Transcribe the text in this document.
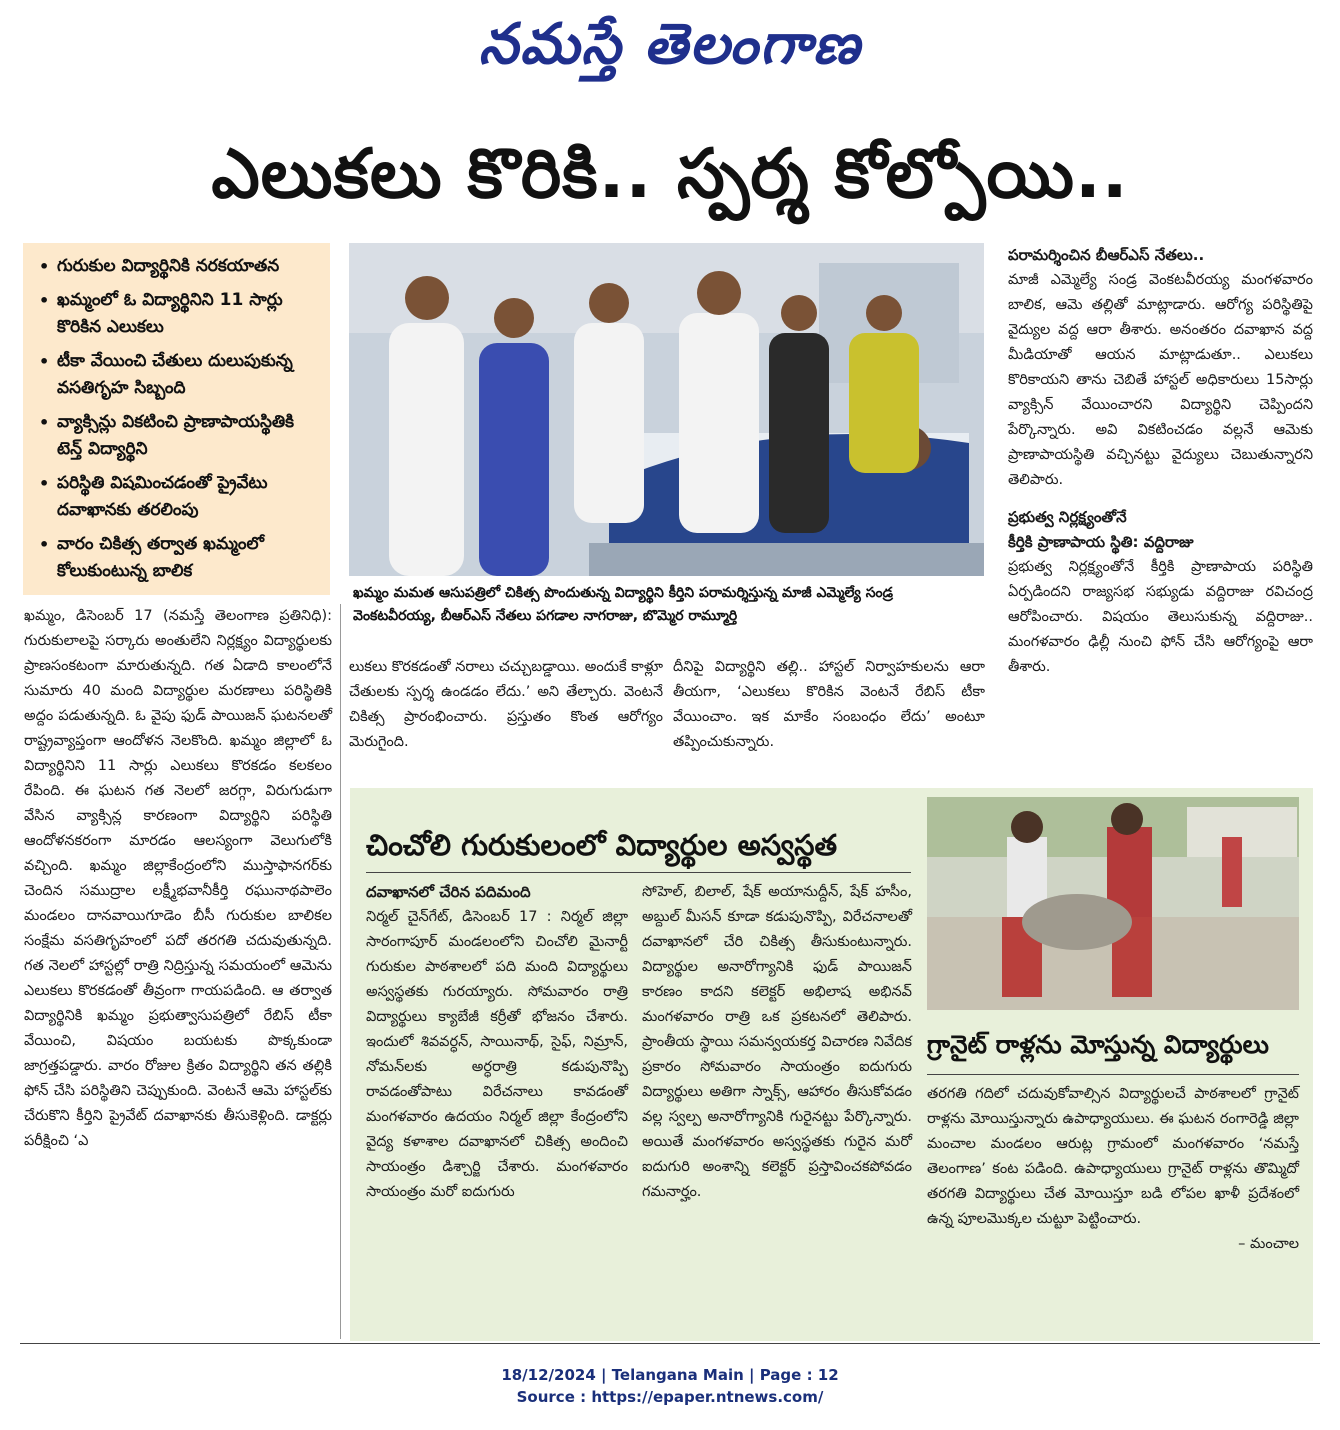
నమస్తే తెలంగాణ
ఎలుకలు కొరికి.. స్పర్శ కోల్పోయి..
• గురుకుల విద్యార్థినికి నరకయాతన
• ఖమ్మంలో ఓ విద్యార్థినిని 11 సార్లు కొరికిన ఎలుకలు
• టీకా వేయించి చేతులు దులుపుకున్న వసతిగృహ సిబ్బంది
• వ్యాక్సిన్లు వికటించి ప్రాణాపాయస్థితికి టెన్త్ విద్యార్థిని
• పరిస్థితి విషమించడంతో ప్రైవేటు దవాఖానకు తరలింపు
• వారం చికిత్స తర్వాత ఖమ్మంలో కోలుకుంటున్న బాలిక
ఖమ్మం మమత ఆసుపత్రిలో చికిత్స పొందుతున్న విద్యార్థిని కీర్తిని పరామర్శిస్తున్న మాజీ ఎమ్మెల్యే సండ్ర వెంకటవీరయ్య, బీఆర్‌ఎస్ నేతలు పగడాల నాగరాజు, బొమ్మెర రామ్మూర్తి

ఖమ్మం, డిసెంబర్ 17 (నమస్తే తెలంగాణ ప్రతినిధి): గురుకులాలపై సర్కారు అంతులేని నిర్లక్ష్యం విద్యార్థులకు ప్రాణసంకటంగా మారుతున్నది. గత ఏడాది కాలంలోనే సుమారు 40 మంది విద్యార్థుల మరణాలు పరిస్థితికి అద్దం పడుతున్నది. ఓ వైపు ఫుడ్ పాయిజన్ ఘటనలతో రాష్ట్రవ్యాప్తంగా ఆందోళన నెలకొంది. ఖమ్మం జిల్లాలో ఓ విద్యార్థినిని 11 సార్లు ఎలుకలు కొరకడం కలకలం రేపింది. ఈ ఘటన గత నెలలో జరగ్గా, విరుగుడుగా వేసిన వ్యాక్సిన్ల కారణంగా విద్యార్థిని పరిస్థితి ఆందోళనకరంగా మారడం ఆలస్యంగా వెలుగులోకి వచ్చింది. ఖమ్మం జిల్లాకేంద్రంలోని ముస్తాఫానగర్‌కు చెందిన సముద్రాల లక్ష్మీభవానీకీర్తి రఘునాథపాలెం మండలం దానవాయిగూడెం బీసీ గురుకుల బాలికల సంక్షేమ వసతిగృహంలో పదో తరగతి చదువుతున్నది. గత నెలలో హాస్టల్లో రాత్రి నిద్రిస్తున్న సమయంలో ఆమెను ఎలుకలు కొరకడంతో తీవ్రంగా గాయపడింది. ఆ తర్వాత విద్యార్థినికి ఖమ్మం ప్రభుత్వాసుపత్రిలో రేబిస్ టీకా వేయించి, విషయం బయటకు పొక్కకుండా జాగ్రత్తపడ్డారు. వారం రోజుల క్రితం విద్యార్థిని తన తల్లికి ఫోన్ చేసి పరిస్థితిని చెప్పుకుంది. వెంటనే ఆమె హాస్టల్‌కు చేరుకొని కీర్తిని ప్రైవేట్ దవాఖానకు తీసుకెళ్లింది. డాక్టర్లు పరీక్షించి ‘ఎ

లుకలు కొరకడంతో నరాలు చచ్చుబడ్డాయి. అందుకే కాళ్లూ చేతులకు స్పర్శ ఉండడం లేదు.’ అని తేల్చారు. వెంటనే చికిత్స ప్రారంభించారు. ప్రస్తుతం కొంత ఆరోగ్యం మెరుగైంది.

దీనిపై విద్యార్థిని తల్లి.. హాస్టల్ నిర్వాహకులను ఆరా తీయగా, ‘ఎలుకలు కొరికిన వెంటనే రేబిస్ టీకా వేయించాం. ఇక మాకేం సంబంధం లేదు’ అంటూ తప్పించుకున్నారు.

పరామర్శించిన బీఆర్‌ఎస్ నేతలు..

మాజీ ఎమ్మెల్యే సండ్ర వెంకటవీరయ్య మంగళవారం బాలిక, ఆమె తల్లితో మాట్లాడారు. ఆరోగ్య పరిస్థితిపై వైద్యుల వద్ద ఆరా తీశారు. అనంతరం దవాఖాన వద్ద మీడియాతో ఆయన మాట్లాడుతూ.. ఎలుకలు కొరికాయని తాను చెబితే హాస్టల్ అధికారులు 15సార్లు వ్యాక్సిన్ వేయించారని విద్యార్థిని చెప్పిందని పేర్కొన్నారు. అవి వికటించడం వల్లనే ఆమెకు ప్రాణాపాయస్థితి వచ్చినట్టు వైద్యులు చెబుతున్నారని తెలిపారు.

ప్రభుత్వ నిర్లక్ష్యంతోనే

కీర్తికి ప్రాణాపాయ స్థితి: వద్దిరాజు

ప్రభుత్వ నిర్లక్ష్యంతోనే కీర్తికి ప్రాణాపాయ పరిస్థితి ఏర్పడిందని రాజ్యసభ సభ్యుడు వద్దిరాజు రవిచంద్ర ఆరోపించారు. విషయం తెలుసుకున్న వద్దిరాజు.. మంగళవారం ఢిల్లీ నుంచి ఫోన్ చేసి ఆరోగ్యంపై ఆరా తీశారు.

చించోలి గురుకులంలో విద్యార్థుల అస్వస్థత

దవాఖానలో చేరిన పదిమంది

నిర్మల్ చైన్‌గేట్, డిసెంబర్ 17 : నిర్మల్ జిల్లా సారంగాపూర్ మండలంలోని చించోలి మైనార్టీ గురుకుల పాఠశాలలో పది మంది విద్యార్థులు అస్వస్థతకు గురయ్యారు. సోమవారం రాత్రి విద్యార్థులు క్యాబేజీ కర్రీతో భోజనం చేశారు. ఇందులో శివవర్ధన్, సాయినాథ్, సైఫ్, నిమ్రాన్, నోమన్‌లకు అర్ధరాత్రి కడుపునొప్పి రావడంతోపాటు విరేచనాలు కావడంతో మంగళవారం ఉదయం నిర్మల్ జిల్లా కేంద్రంలోని వైద్య కళాశాల దవాఖానలో చికిత్స అందించి సాయంత్రం డిశ్చార్జి చేశారు. మంగళవారం సాయంత్రం మరో ఐదుగురు

సోహెల్, బిలాల్, షేక్ అయానుద్దీన్, షేక్ హసీం, అబ్దుల్ మీసన్ కూడా కడుపునొప్పి, విరేచనాలతో దవాఖానలో చేరి చికిత్స తీసుకుంటున్నారు. విద్యార్థుల అనారోగ్యానికి ఫుడ్ పాయిజన్ కారణం కాదని కలెక్టర్ అభిలాష అభినవ్ మంగళవారం రాత్రి ఒక ప్రకటనలో తెలిపారు. ప్రాంతీయ స్థాయి సమన్వయకర్త విచారణ నివేదిక ప్రకారం సోమవారం సాయంత్రం ఐదుగురు విద్యార్థులు అతిగా స్నాక్స్, ఆహారం తీసుకోవడం వల్ల స్వల్ప అనారోగ్యానికి గురైనట్టు పేర్కొన్నారు. అయితే మంగళవారం అస్వస్థతకు గురైన మరో ఐదుగురి అంశాన్ని కలెక్టర్ ప్రస్తావించకపోవడం గమనార్హం.

గ్రానైట్ రాళ్లను మోస్తున్న విద్యార్థులు

తరగతి గదిలో చదువుకోవాల్సిన విద్యార్థులచే పాఠశాలలో గ్రానైట్ రాళ్లను మోయిస్తున్నారు ఉపాధ్యాయులు. ఈ ఘటన రంగారెడ్డి జిల్లా మంచాల మండలం ఆరుట్ల గ్రామంలో మంగళవారం ‘నమస్తే తెలంగాణ’ కంట పడింది. ఉపాధ్యాయులు గ్రానైట్ రాళ్లను తొమ్మిదో తరగతి విద్యార్థులు చేత మోయిస్తూ బడి లోపల ఖాళీ ప్రదేశంలో ఉన్న పూలమొక్కల చుట్టూ పెట్టించారు.

– మంచాల

18/12/2024 | Telangana Main | Page : 12
Source : https://epaper.ntnews.com/
